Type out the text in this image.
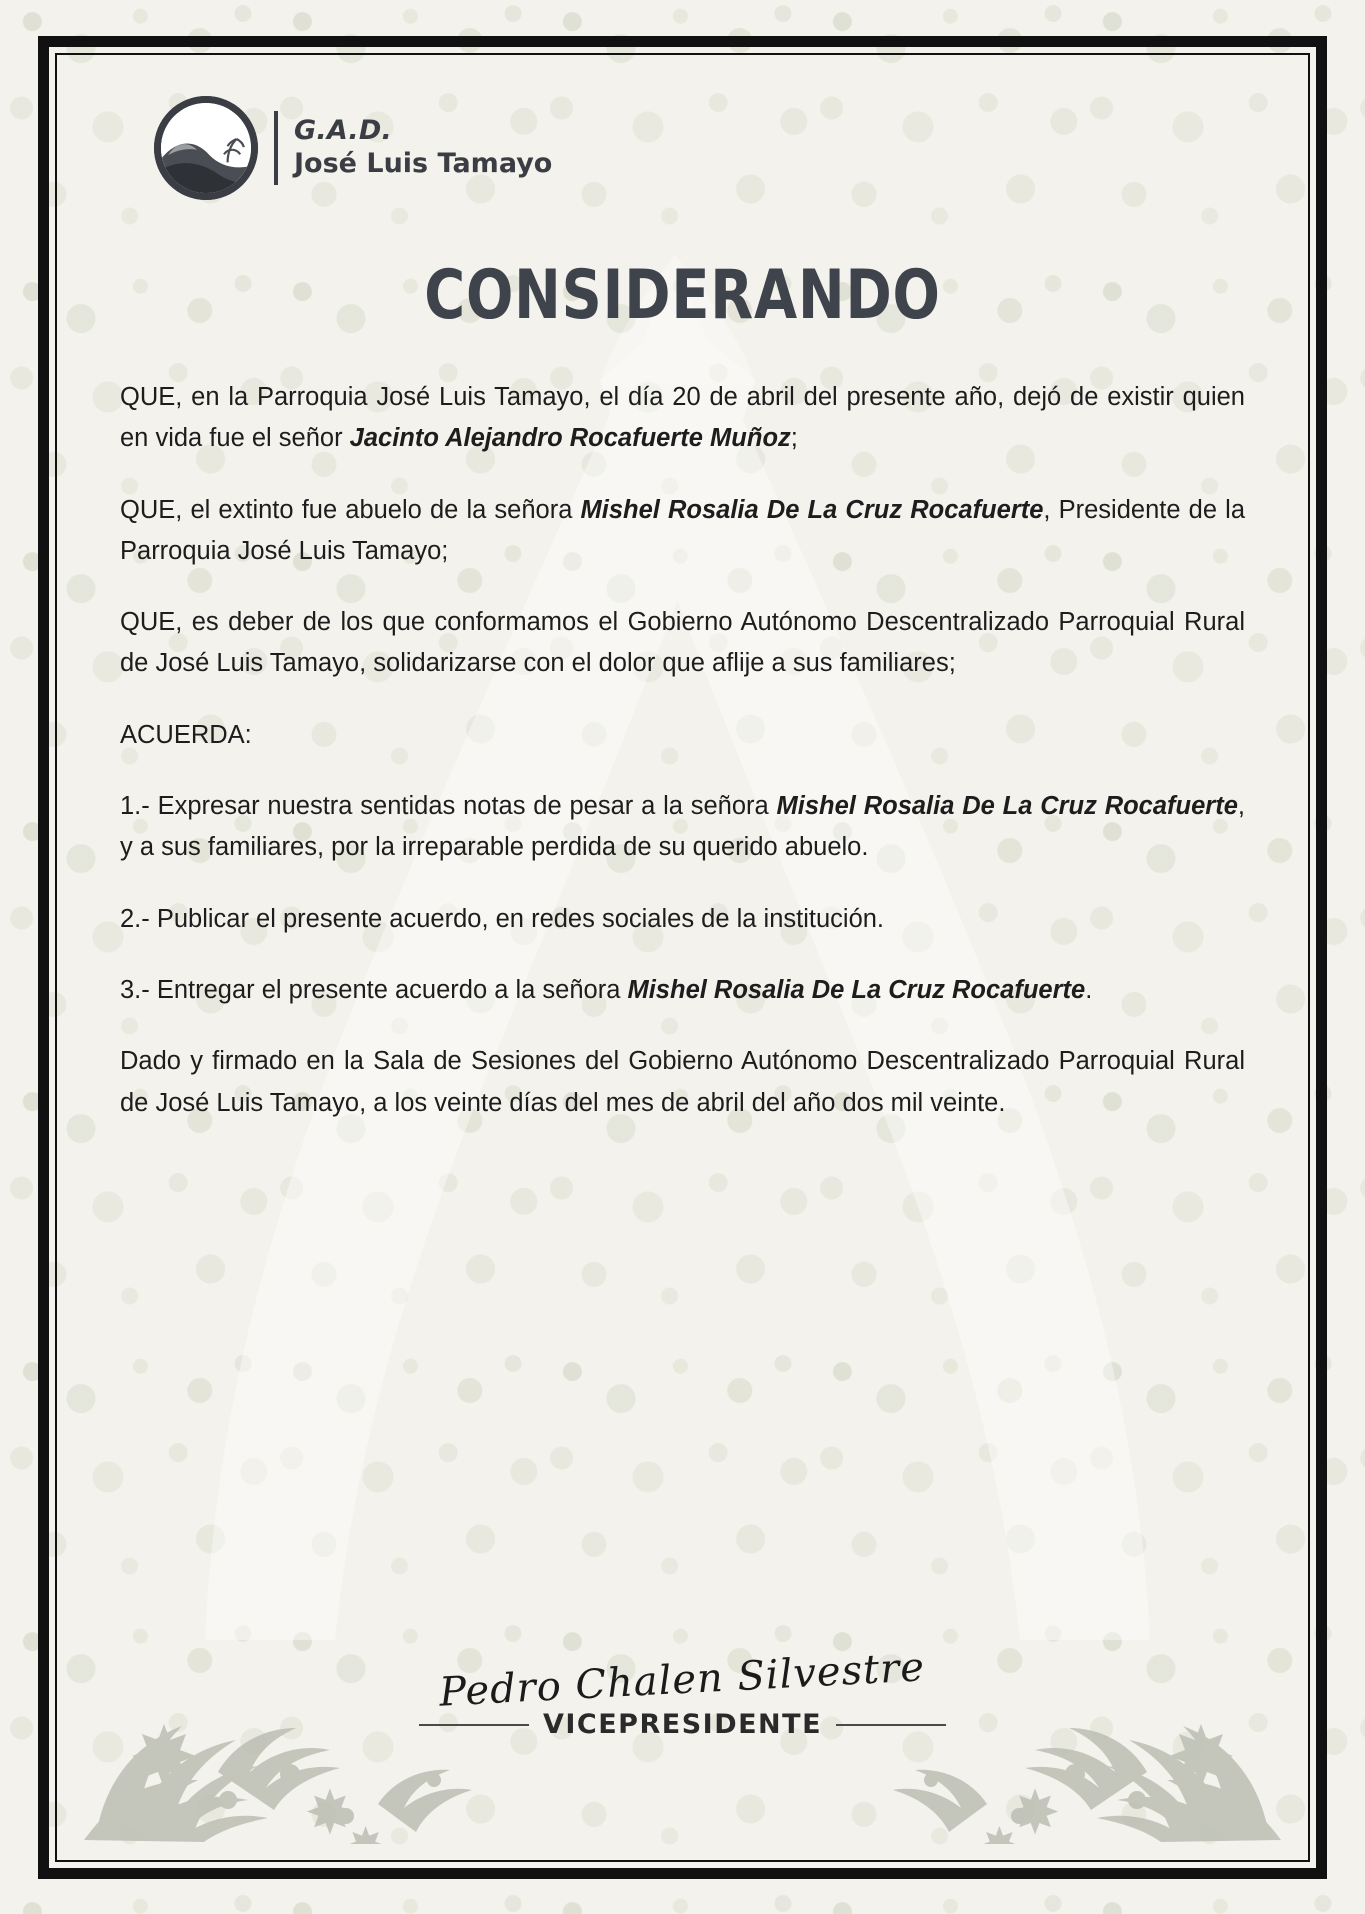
G.A.D.
José Luis Tamayo
CONSIDERANDO

QUE, en la Parroquia José Luis Tamayo, el día 20 de abril del presente año, dejó de existir quien en vida fue el señor Jacinto Alejandro Rocafuerte Muñoz;

QUE, el extinto fue abuelo de la señora Mishel Rosalia De La Cruz Rocafuerte, Presidente de la Parroquia José Luis Tamayo;

QUE, es deber de los que conformamos el Gobierno Autónomo Descentralizado Parroquial Rural de José Luis Tamayo, solidarizarse con el dolor que aflije a sus familiares;

ACUERDA:

1.- Expresar nuestra sentidas notas de pesar a la señora Mishel Rosalia De La Cruz Rocafuerte, y a sus familiares, por la irreparable perdida de su querido abuelo.

2.- Publicar el presente acuerdo, en redes sociales de la institución.

3.- Entregar el presente acuerdo a la señora Mishel Rosalia De La Cruz Rocafuerte.

Dado y firmado en la Sala de Sesiones del Gobierno Autónomo Descentralizado Parroquial Rural de José Luis Tamayo, a los veinte días del mes de abril del año dos mil veinte.

Pedro Chalen Silvestre
VICEPRESIDENTE
